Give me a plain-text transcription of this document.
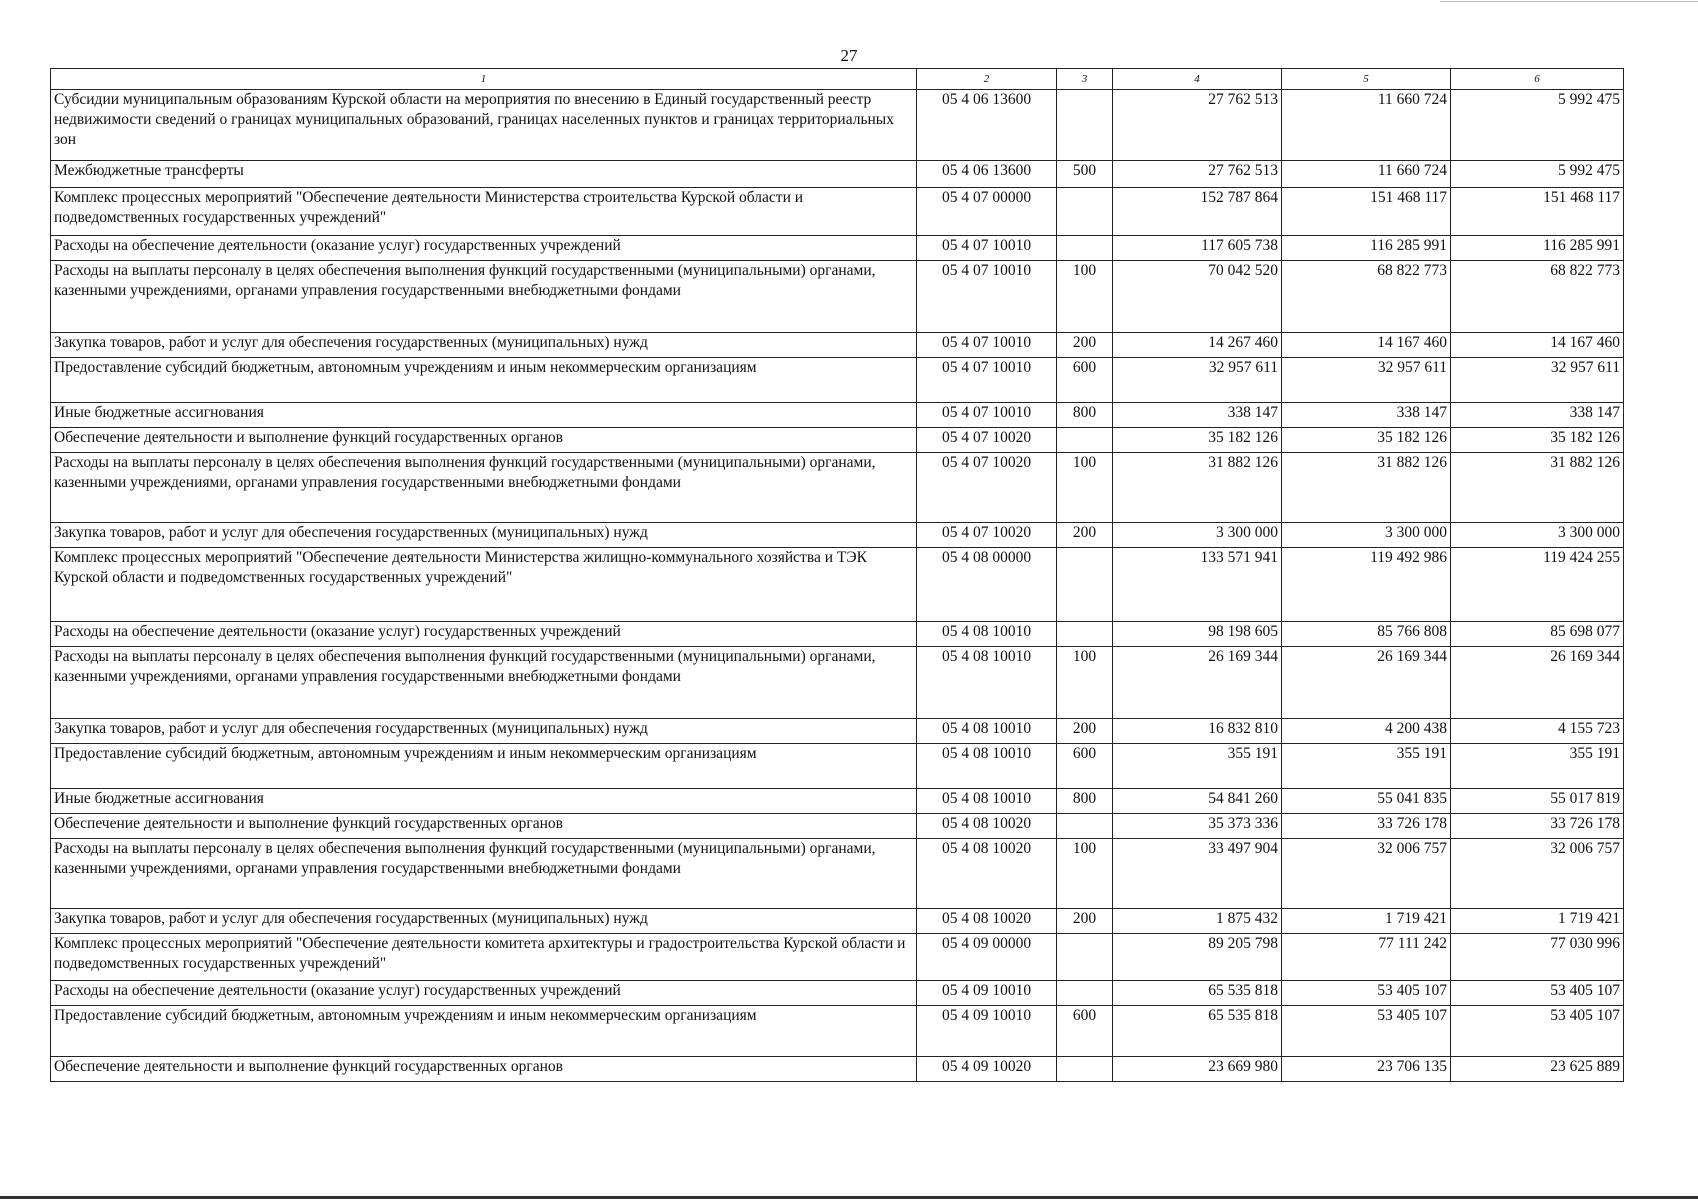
27
1	2	3	4	5	6
Субсидии муниципальным образованиям Курской области на мероприятия по внесению в Единый государственный реестр недвижимости сведений о границах муниципальных образований, границах населенных пунктов и границах территориальных зон	05 4 06 13600		27 762 513	11 660 724	5 992 475
Межбюджетные трансферты	05 4 06 13600	500	27 762 513	11 660 724	5 992 475
Комплекс процессных мероприятий "Обеспечение деятельности Министерства строительства Курской области и подведомственных государственных учреждений"	05 4 07 00000		152 787 864	151 468 117	151 468 117
Расходы на обеспечение деятельности (оказание услуг) государственных учреждений	05 4 07 10010		117 605 738	116 285 991	116 285 991
Расходы на выплаты персоналу в целях обеспечения выполнения функций государственными (муниципальными) органами, казенными учреждениями, органами управления государственными внебюджетными фондами	05 4 07 10010	100	70 042 520	68 822 773	68 822 773
Закупка товаров, работ и услуг для обеспечения государственных (муниципальных) нужд	05 4 07 10010	200	14 267 460	14 167 460	14 167 460
Предоставление субсидий бюджетным, автономным учреждениям и иным некоммерческим организациям	05 4 07 10010	600	32 957 611	32 957 611	32 957 611
Иные бюджетные ассигнования	05 4 07 10010	800	338 147	338 147	338 147
Обеспечение деятельности и выполнение функций государственных органов	05 4 07 10020		35 182 126	35 182 126	35 182 126
Расходы на выплаты персоналу в целях обеспечения выполнения функций государственными (муниципальными) органами, казенными учреждениями, органами управления государственными внебюджетными фондами	05 4 07 10020	100	31 882 126	31 882 126	31 882 126
Закупка товаров, работ и услуг для обеспечения государственных (муниципальных) нужд	05 4 07 10020	200	3 300 000	3 300 000	3 300 000
Комплекс процессных мероприятий "Обеспечение деятельности Министерства жилищно-коммунального хозяйства и ТЭК Курской области и подведомственных государственных учреждений"	05 4 08 00000		133 571 941	119 492 986	119 424 255
Расходы на обеспечение деятельности (оказание услуг) государственных учреждений	05 4 08 10010		98 198 605	85 766 808	85 698 077
Расходы на выплаты персоналу в целях обеспечения выполнения функций государственными (муниципальными) органами, казенными учреждениями, органами управления государственными внебюджетными фондами	05 4 08 10010	100	26 169 344	26 169 344	26 169 344
Закупка товаров, работ и услуг для обеспечения государственных (муниципальных) нужд	05 4 08 10010	200	16 832 810	4 200 438	4 155 723
Предоставление субсидий бюджетным, автономным учреждениям и иным некоммерческим организациям	05 4 08 10010	600	355 191	355 191	355 191
Иные бюджетные ассигнования	05 4 08 10010	800	54 841 260	55 041 835	55 017 819
Обеспечение деятельности и выполнение функций государственных органов	05 4 08 10020		35 373 336	33 726 178	33 726 178
Расходы на выплаты персоналу в целях обеспечения выполнения функций государственными (муниципальными) органами, казенными учреждениями, органами управления государственными внебюджетными фондами	05 4 08 10020	100	33 497 904	32 006 757	32 006 757
Закупка товаров, работ и услуг для обеспечения государственных (муниципальных) нужд	05 4 08 10020	200	1 875 432	1 719 421	1 719 421
Комплекс процессных мероприятий "Обеспечение деятельности комитета архитектуры и градостроительства Курской области и подведомственных государственных учреждений"	05 4 09 00000		89 205 798	77 111 242	77 030 996
Расходы на обеспечение деятельности (оказание услуг) государственных учреждений	05 4 09 10010		65 535 818	53 405 107	53 405 107
Предоставление субсидий бюджетным, автономным учреждениям и иным некоммерческим организациям	05 4 09 10010	600	65 535 818	53 405 107	53 405 107
Обеспечение деятельности и выполнение функций государственных органов	05 4 09 10020		23 669 980	23 706 135	23 625 889
